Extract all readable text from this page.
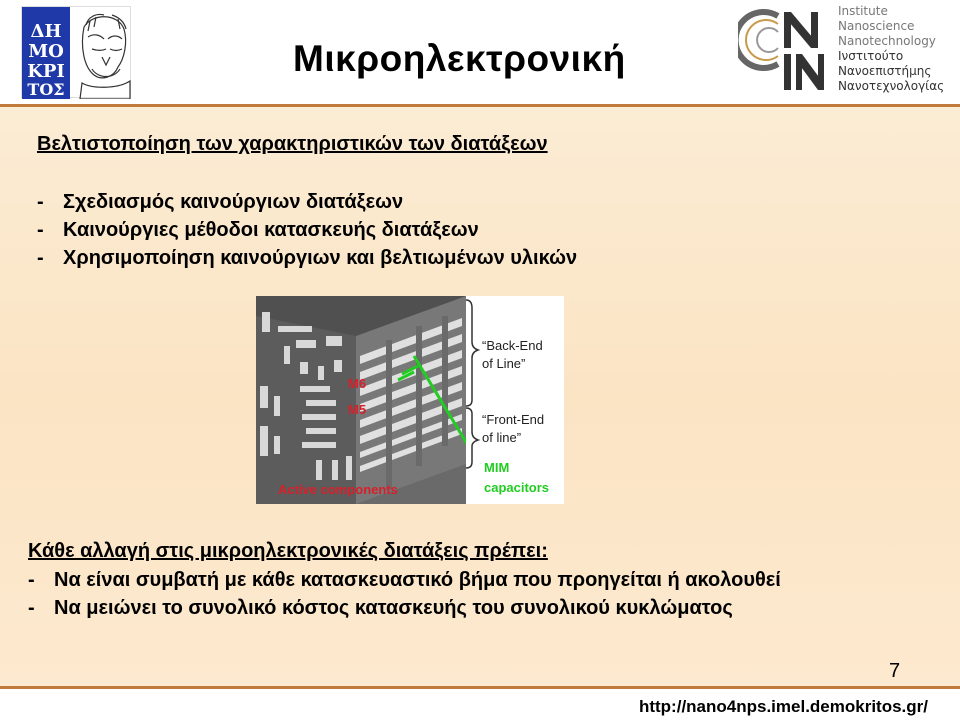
ΔΗ
ΜΟ
ΚΡΙ
ΤΟΣ
Μικροηλεκτρονική
Institute
Nanoscience
Nanotechnology
Ινστιτούτο
Νανοεπιστήμης
Νανοτεχνολογίας
Βελτιστοποίηση των χαρακτηριστικών των διατάξεων
- Σχεδιασμός καινούργιων διατάξεων
- Καινούργιες μέθοδοι κατασκευής διατάξεων
- Χρησιμοποίηση καινούργιων και βελτιωμένων υλικών
M6
M5
Active components
“Back-End
of Line”
“Front-End
of line”
MIM
capacitors
Κάθε αλλαγή στις μικροηλεκτρονικές διατάξεις πρέπει:
- Να είναι συμβατή με κάθε κατασκευαστικό βήμα που προηγείται ή ακολουθεί
- Να μειώνει το συνολικό κόστος κατασκευής του συνολικού κυκλώματος
7
http://nano4nps.imel.demokritos.gr/
